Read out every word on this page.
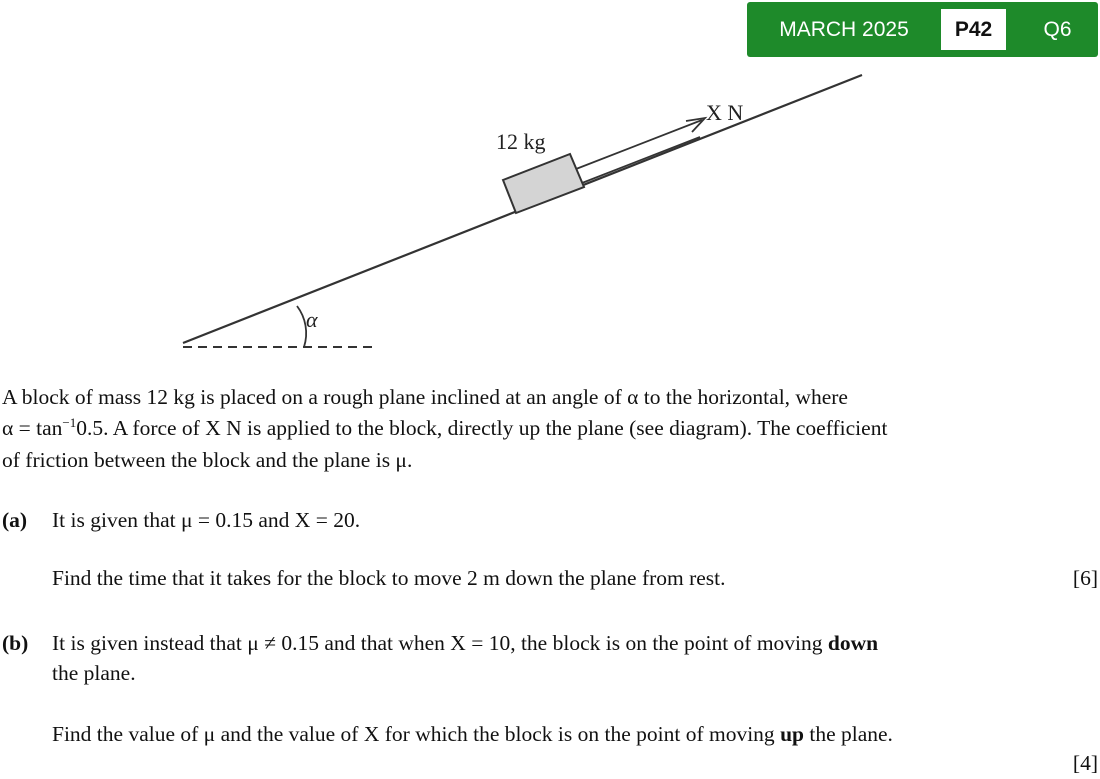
MARCH 2025	P42	Q6
α
X N
12 kg
A block of mass 12 kg is placed on a rough plane inclined at an angle of α to the horizontal, where
$\alpha = \tan^{-1}0.5$. A force of X N is applied to the block, directly up the plane (see diagram). The coefficient
of friction between the block and the plane is μ.
(a) It is given that μ = 0.15 and X = 20.
Find the time that it takes for the block to move 2 m down the plane from rest.	[6]
(b) It is given instead that μ ≠ 0.15 and that when X = 10, the block is on the point of moving down
the plane.
Find the value of μ and the value of X for which the block is on the point of moving up the plane.
[4]
